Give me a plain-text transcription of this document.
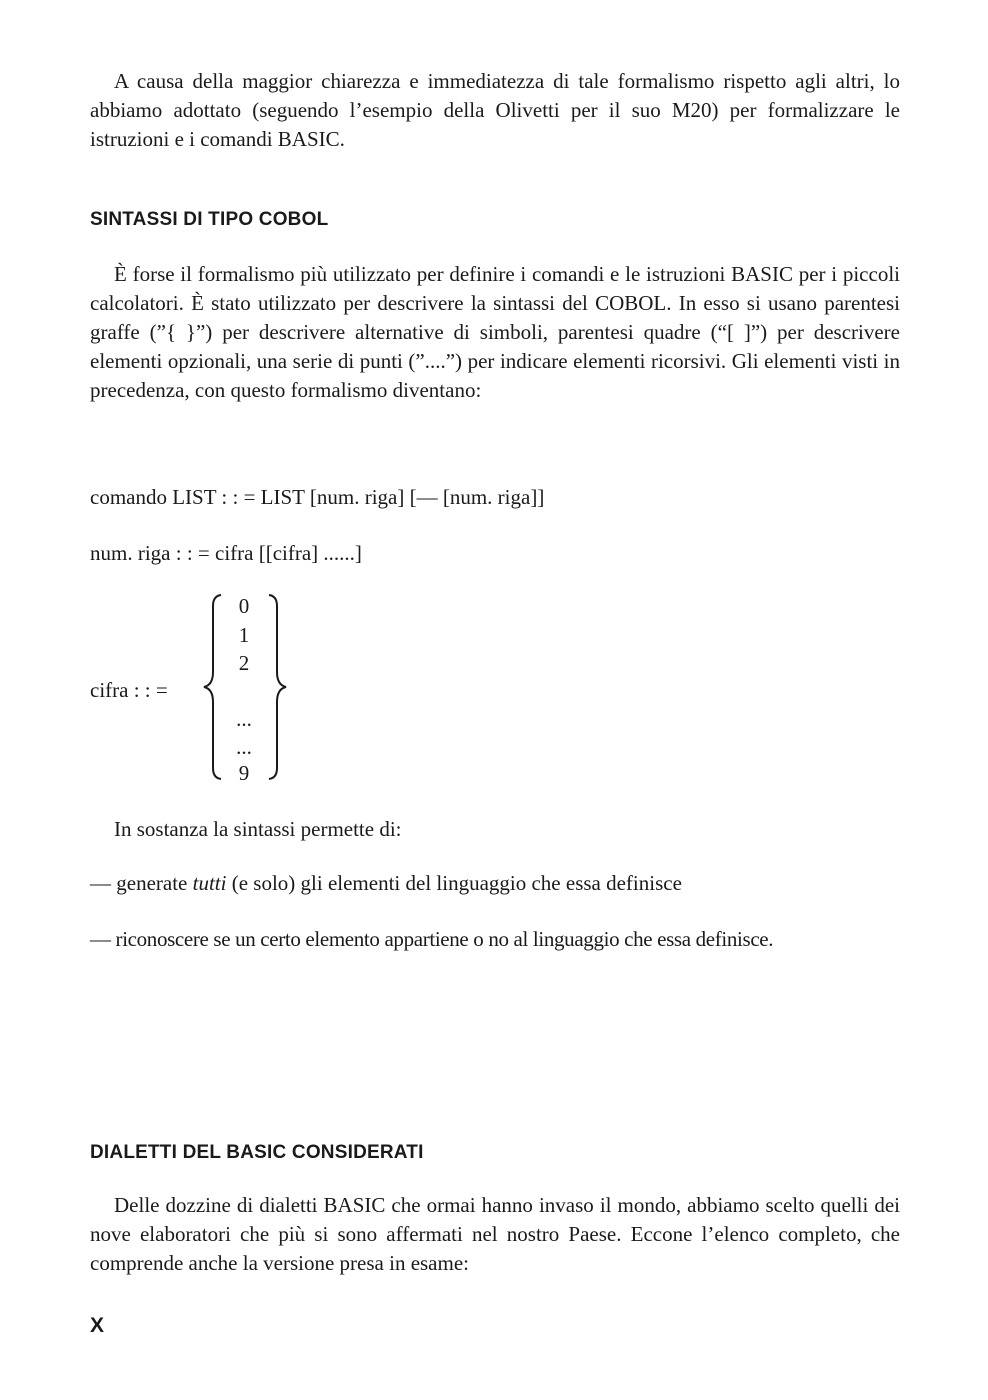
A causa della maggior chiarezza e immediatezza di tale formalismo rispetto agli altri, lo abbiamo adottato (seguendo l’esempio della Olivetti per il suo M20) per formalizzare le istruzioni e i comandi BASIC.

SINTASSI DI TIPO COBOL

È forse il formalismo più utilizzato per definire i comandi e le istruzioni BASIC per i piccoli calcolatori. È stato utilizzato per descrivere la sintassi del COBOL. In esso si usano parentesi graffe (”{ }”) per descrivere alternative di simboli, parentesi quadre (“[ ]”) per descrivere elementi opzionali, una serie di punti (”....”) per indicare elementi ricorsivi. Gli elementi visti in precedenza, con questo formalismo diventano:

comando LIST : : = LIST [num. riga] [— [num. riga]]

num. riga : : = cifra [[cifra] ......]

cifra : : =
0
1
2
...
...
9

In sostanza la sintassi permette di:

— generate tutti (e solo) gli elementi del linguaggio che essa definisce

— riconoscere se un certo elemento appartiene o no al linguaggio che essa definisce.

DIALETTI DEL BASIC CONSIDERATI

Delle dozzine di dialetti BASIC che ormai hanno invaso il mondo, abbiamo scelto quelli dei nove elaboratori che più si sono affermati nel nostro Paese. Eccone l’elenco completo, che comprende anche la versione presa in esame:

X
